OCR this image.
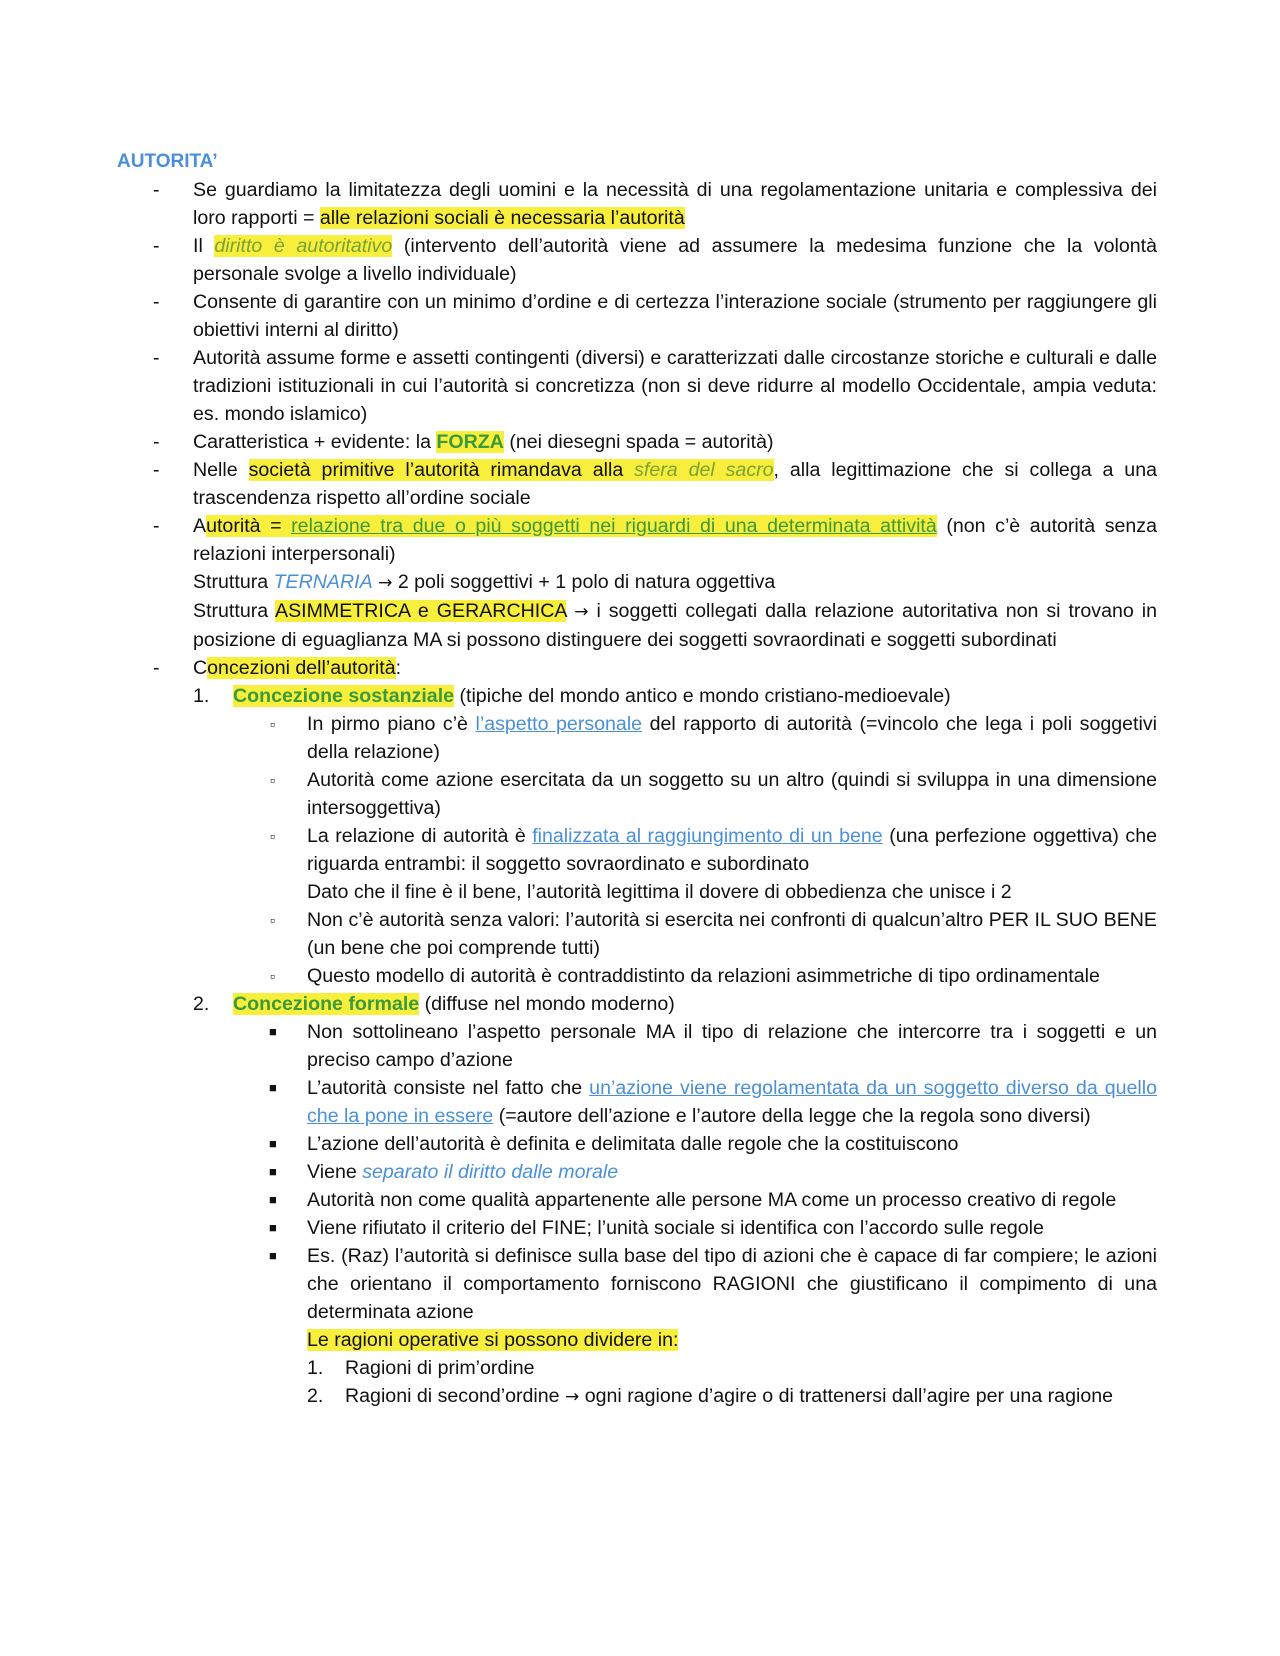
AUTORITA’
- Se guardiamo la limitatezza degli uomini e la necessità di una regolamentazione unitaria e complessiva dei loro rapporti = alle relazioni sociali è necessaria l’autorità
- Il diritto è autoritativo (intervento dell’autorità viene ad assumere la medesima funzione che la volontà personale svolge a livello individuale)
- Consente di garantire con un minimo d’ordine e di certezza l’interazione sociale (strumento per raggiungere gli obiettivi interni al diritto)
- Autorità assume forme e assetti contingenti (diversi) e caratterizzati dalle circostanze storiche e culturali e dalle tradizioni istituzionali in cui l’autorità si concretizza (non si deve ridurre al modello Occidentale, ampia veduta: es. mondo islamico)
- Caratteristica + evidente: la FORZA (nei diesegni spada = autorità)
- Nelle società primitive l’autorità rimandava alla sfera del sacro, alla legittimazione che si collega a una trascendenza rispetto all’ordine sociale
- Autorità = relazione tra due o più soggetti nei riguardi di una determinata attività (non c’è autorità senza relazioni interpersonali)
Struttura TERNARIA → 2 poli soggettivi + 1 polo di natura oggettiva
Struttura ASIMMETRICA e GERARCHICA → i soggetti collegati dalla relazione autoritativa non si trovano in posizione di eguaglianza MA si possono distinguere dei soggetti sovraordinati e soggetti subordinati
- Concezioni dell’autorità:
1. Concezione sostanziale (tipiche del mondo antico e mondo cristiano-medioevale)
▫ In pirmo piano c’è l’aspetto personale del rapporto di autorità (=vincolo che lega i poli soggetivi della relazione)
▫ Autorità come azione esercitata da un soggetto su un altro (quindi si sviluppa in una dimensione intersoggettiva)
▫ La relazione di autorità è finalizzata al raggiungimento di un bene (una perfezione oggettiva) che riguarda entrambi: il soggetto sovraordinato e subordinato
Dato che il fine è il bene, l’autorità legittima il dovere di obbedienza che unisce i 2
▫ Non c’è autorità senza valori: l’autorità si esercita nei confronti di qualcun’altro PER IL SUO BENE (un bene che poi comprende tutti)
▫ Questo modello di autorità è contraddistinto da relazioni asimmetriche di tipo ordinamentale
2. Concezione formale (diffuse nel mondo moderno)
■ Non sottolineano l’aspetto personale MA il tipo di relazione che intercorre tra i soggetti e un preciso campo d’azione
■ L’autorità consiste nel fatto che un’azione viene regolamentata da un soggetto diverso da quello che la pone in essere (=autore dell’azione e l’autore della legge che la regola sono diversi)
■ L’azione dell’autorità è definita e delimitata dalle regole che la costituiscono
■ Viene separato il diritto dalle morale
■ Autorità non come qualità appartenente alle persone MA come un processo creativo di regole
■ Viene rifiutato il criterio del FINE; l’unità sociale si identifica con l’accordo sulle regole
■ Es. (Raz) l’autorità si definisce sulla base del tipo di azioni che è capace di far compiere; le azioni che orientano il comportamento forniscono RAGIONI che giustificano il compimento di una determinata azione
Le ragioni operative si possono dividere in:
1. Ragioni di prim’ordine
2. Ragioni di second’ordine → ogni ragione d’agire o di trattenersi dall’agire per una ragione
